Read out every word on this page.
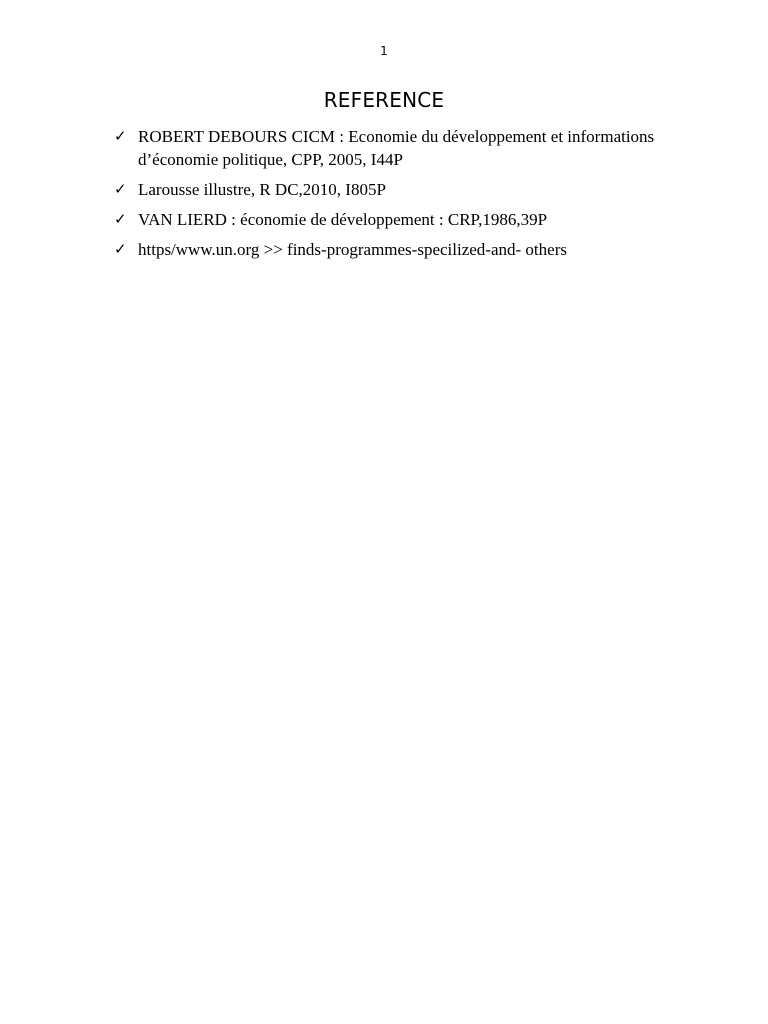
1
REFERENCE
✓ ROBERT DEBOURS CICM : Economie du développement et informations d’économie politique, CPP, 2005, I44P
✓ Larousse illustre, R DC,2010, I805P
✓ VAN LIERD : économie de développement : CRP,1986,39P
✓ https/www.un.org >> finds-programmes-specilized-and- others
